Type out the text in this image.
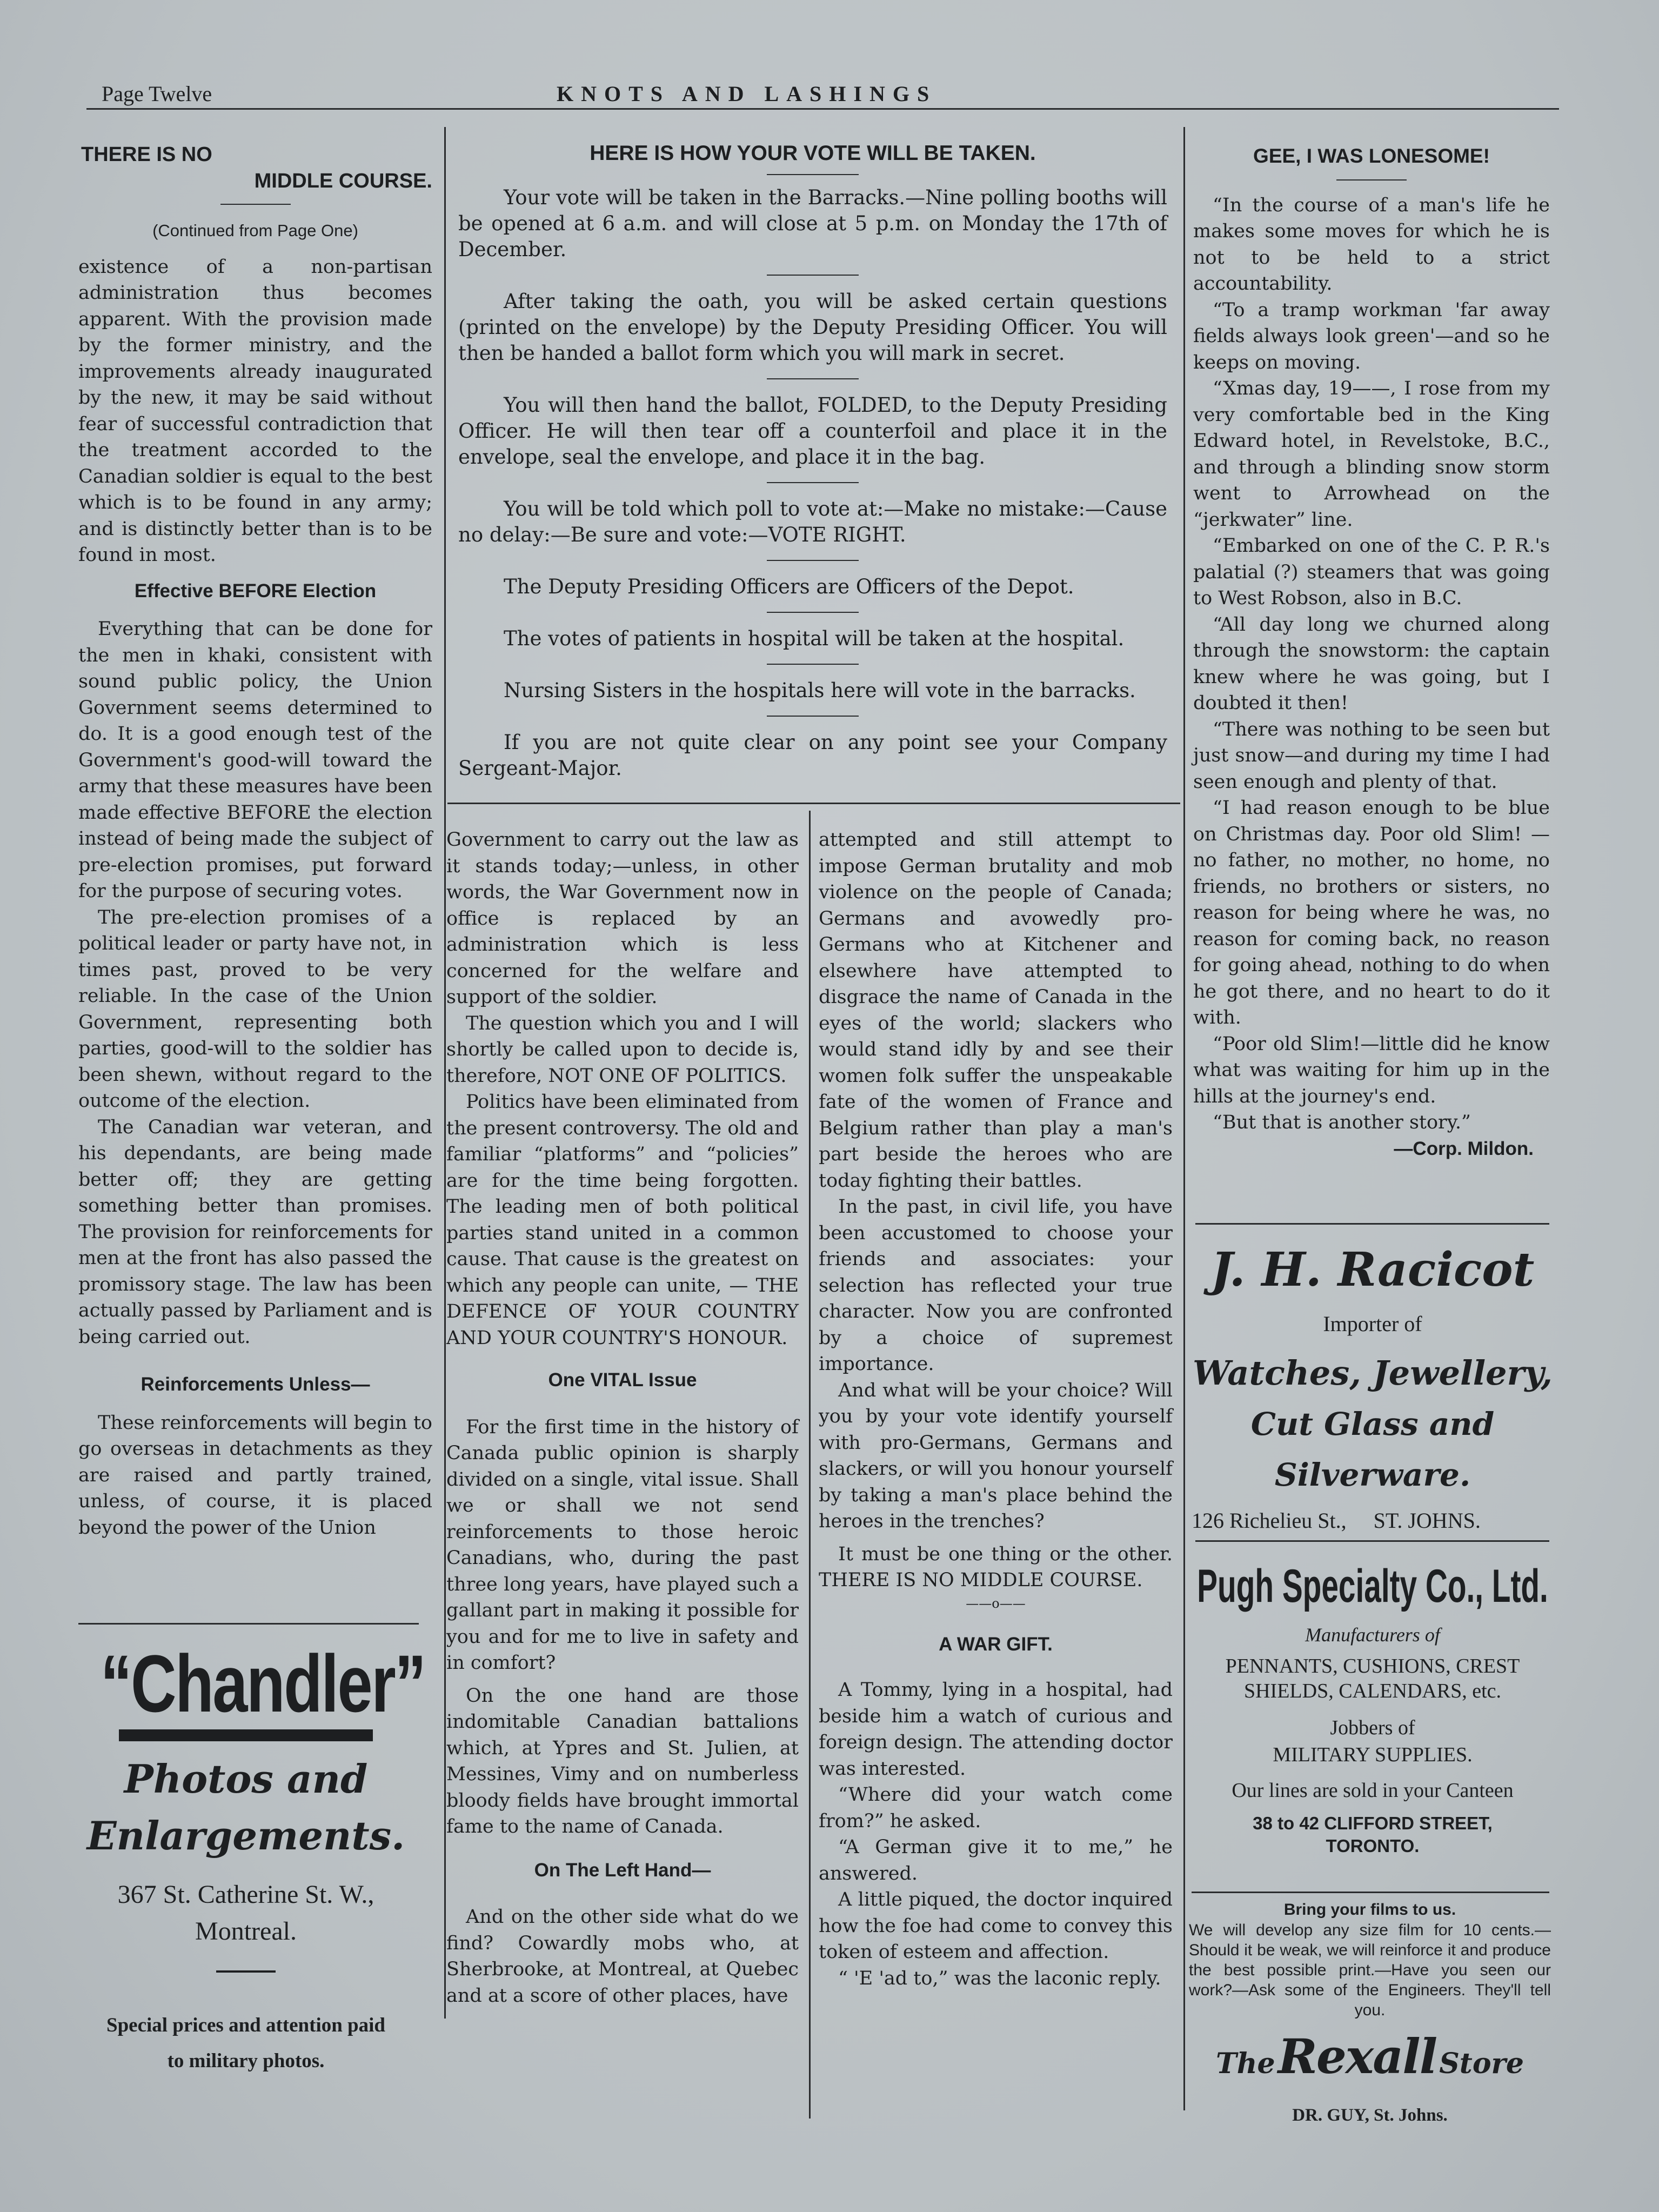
Page Twelve	KNOTS AND LASHINGS
THERE IS NO
MIDDLE COURSE.
(Continued from Page One)

existence of a non-partisan administration thus becomes apparent. With the provision made by the former ministry, and the improvements already inaugurated by the new, it may be said without fear of successful contradiction that the treatment accorded to the Canadian soldier is equal to the best which is to be found in any army; and is distinctly better than is to be found in most.

Effective BEFORE Election

Everything that can be done for the men in khaki, consistent with sound public policy, the Union Government seems determined to do. It is a good enough test of the Government's good-will toward the army that these measures have been made effective BEFORE the election instead of being made the subject of pre-election promises, put forward for the purpose of securing votes.

The pre-election promises of a political leader or party have not, in times past, proved to be very reliable. In the case of the Union Government, representing both parties, good-will to the soldier has been shewn, without regard to the outcome of the election.

The Canadian war veteran, and his dependants, are being made better off; they are getting something better than promises. The provision for reinforcements for men at the front has also passed the promissory stage. The law has been actually passed by Parliament and is being carried out.

Reinforcements Unless—

These reinforcements will begin to go overseas in detachments as they are raised and partly trained, unless, of course, it is placed beyond the power of the Union

“Chandler”
Photos and
Enlargements.
367 St. Catherine St. W.,
Montreal.
Special prices and attention paid
to military photos.
HERE IS HOW YOUR VOTE WILL BE TAKEN.

Your vote will be taken in the Barracks.—Nine polling booths will be opened at 6 a.m. and will close at 5 p.m. on Monday the 17th of December.

After taking the oath, you will be asked certain questions (printed on the envelope) by the Deputy Presiding Officer. You will then be handed a ballot form which you will mark in secret.

You will then hand the ballot, FOLDED, to the Deputy Presiding Officer. He will then tear off a counterfoil and place it in the envelope, seal the envelope, and place it in the bag.

You will be told which poll to vote at:—Make no mistake:—Cause no delay:—Be sure and vote:—VOTE RIGHT.

The Deputy Presiding Officers are Officers of the Depot.

The votes of patients in hospital will be taken at the hospital.

Nursing Sisters in the hospitals here will vote in the barracks.

If you are not quite clear on any point see your Company Sergeant-Major.

Government to carry out the law as it stands today;—unless, in other words, the War Government now in office is replaced by an administration which is less concerned for the welfare and support of the soldier.

The question which you and I will shortly be called upon to decide is, therefore, NOT ONE OF POLITICS.

Politics have been eliminated from the present controversy. The old and familiar “platforms” and “policies” are for the time being forgotten. The leading men of both political parties stand united in a common cause. That cause is the greatest on which any people can unite, — THE DEFENCE OF YOUR COUNTRY AND YOUR COUNTRY'S HONOUR.

One VITAL Issue

For the first time in the history of Canada public opinion is sharply divided on a single, vital issue. Shall we or shall we not send reinforcements to those heroic Canadians, who, during the past three long years, have played such a gallant part in making it possible for you and for me to live in safety and in comfort?

On the one hand are those indomitable Canadian battalions which, at Ypres and St. Julien, at Messines, Vimy and on numberless bloody fields have brought immortal fame to the name of Canada.

On The Left Hand—

And on the other side what do we find? Cowardly mobs who, at Sherbrooke, at Montreal, at Quebec and at a score of other places, have

attempted and still attempt to impose German brutality and mob violence on the people of Canada; Germans and avowedly pro-Germans who at Kitchener and elsewhere have attempted to disgrace the name of Canada in the eyes of the world; slackers who would stand idly by and see their women folk suffer the unspeakable fate of the women of France and Belgium rather than play a man's part beside the heroes who are today fighting their battles.

In the past, in civil life, you have been accustomed to choose your friends and associates: your selection has reflected your true character. Now you are confronted by a choice of supremest importance.

And what will be your choice? Will you by your vote identify yourself with pro-Germans, Germans and slackers, or will you honour yourself by taking a man's place behind the heroes in the trenches?

It must be one thing or the other. THERE IS NO MIDDLE COURSE.

——o——
A WAR GIFT.

A Tommy, lying in a hospital, had beside him a watch of curious and foreign design. The attending doctor was interested.

“Where did your watch come from?” he asked.

“A German give it to me,” he answered.

A little piqued, the doctor inquired how the foe had come to convey this token of esteem and affection.

“ 'E 'ad to,” was the laconic reply.

GEE, I WAS LONESOME!

“In the course of a man's life he makes some moves for which he is not to be held to a strict accountability.

“To a tramp workman 'far away fields always look green'—and so he keeps on moving.

“Xmas day, 19——, I rose from my very comfortable bed in the King Edward hotel, in Revelstoke, B.C., and through a blinding snow storm went to Arrowhead on the “jerkwater” line.

“Embarked on one of the C. P. R.'s palatial (?) steamers that was going to West Robson, also in B.C.

“All day long we churned along through the snowstorm: the captain knew where he was going, but I doubted it then!

“There was nothing to be seen but just snow—and during my time I had seen enough and plenty of that.

“I had reason enough to be blue on Christmas day. Poor old Slim! —no father, no mother, no home, no friends, no brothers or sisters, no reason for being where he was, no reason for coming back, no reason for going ahead, nothing to do when he got there, and no heart to do it with.

“Poor old Slim!—little did he know what was waiting for him up in the hills at the journey's end.

“But that is another story.”

—Corp. Mildon.
J. H. Racicot
Importer of
Watches, Jewellery,
Cut Glass and
Silverware.
126 Richelieu St., ST. JOHNS.
Pugh Specialty Co., Ltd.
Manufacturers of
PENNANTS, CUSHIONS, CREST
SHIELDS, CALENDARS, etc.
Jobbers of
MILITARY SUPPLIES.
Our lines are sold in your Canteen
38 to 42 CLIFFORD STREET,
TORONTO.
Bring your films to us.
We will develop any size film for 10 cents.—Should it be weak, we will reinforce it and produce the best possible print.—Have you seen our work?—Ask some of the Engineers. They'll tell you.
The Rexall Store
DR. GUY, St. Johns.
